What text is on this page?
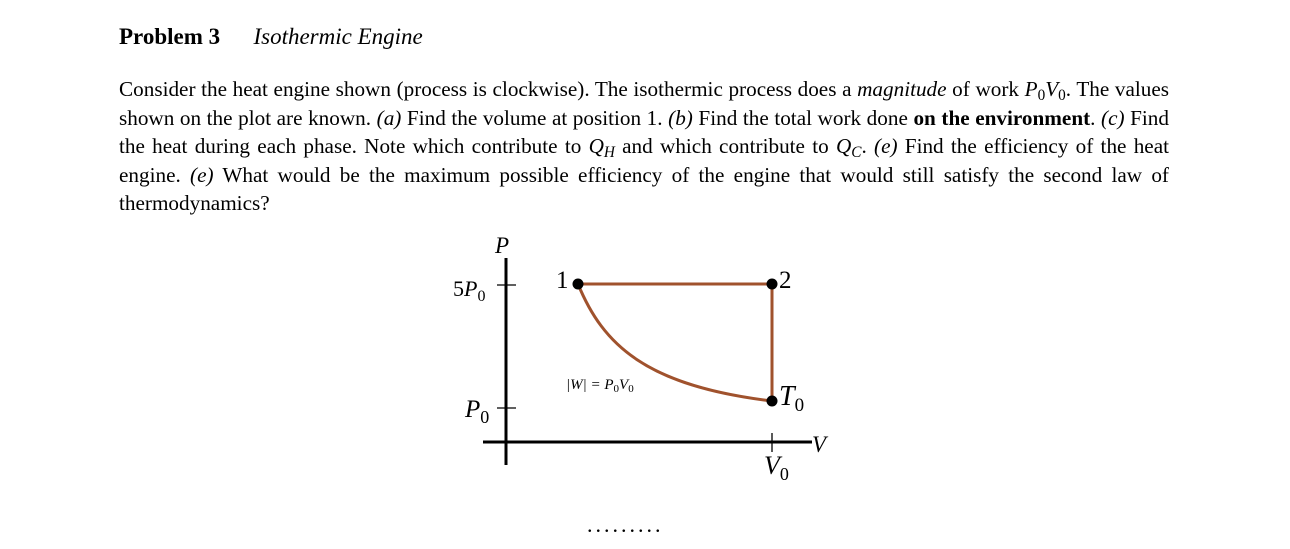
Problem 3 Isothermic Engine
Consider the heat engine shown (process is clockwise). The isothermic process does a magnitude of work $P_0V_0$. The values shown on the plot are known. (a) Find the volume at position 1. (b) Find the total work done on the environment. (c) Find the heat during each phase. Note which contribute to QH and which contribute to QC. (e) Find the efficiency of the heat engine. (e) What would be the maximum possible efficiency of the engine that would still satisfy the second law of thermodynamics?
P
V
$5P_0$
$P_0$
$V_0$
1	2
$T_0$
$|W| = P_0V_0$
.........
